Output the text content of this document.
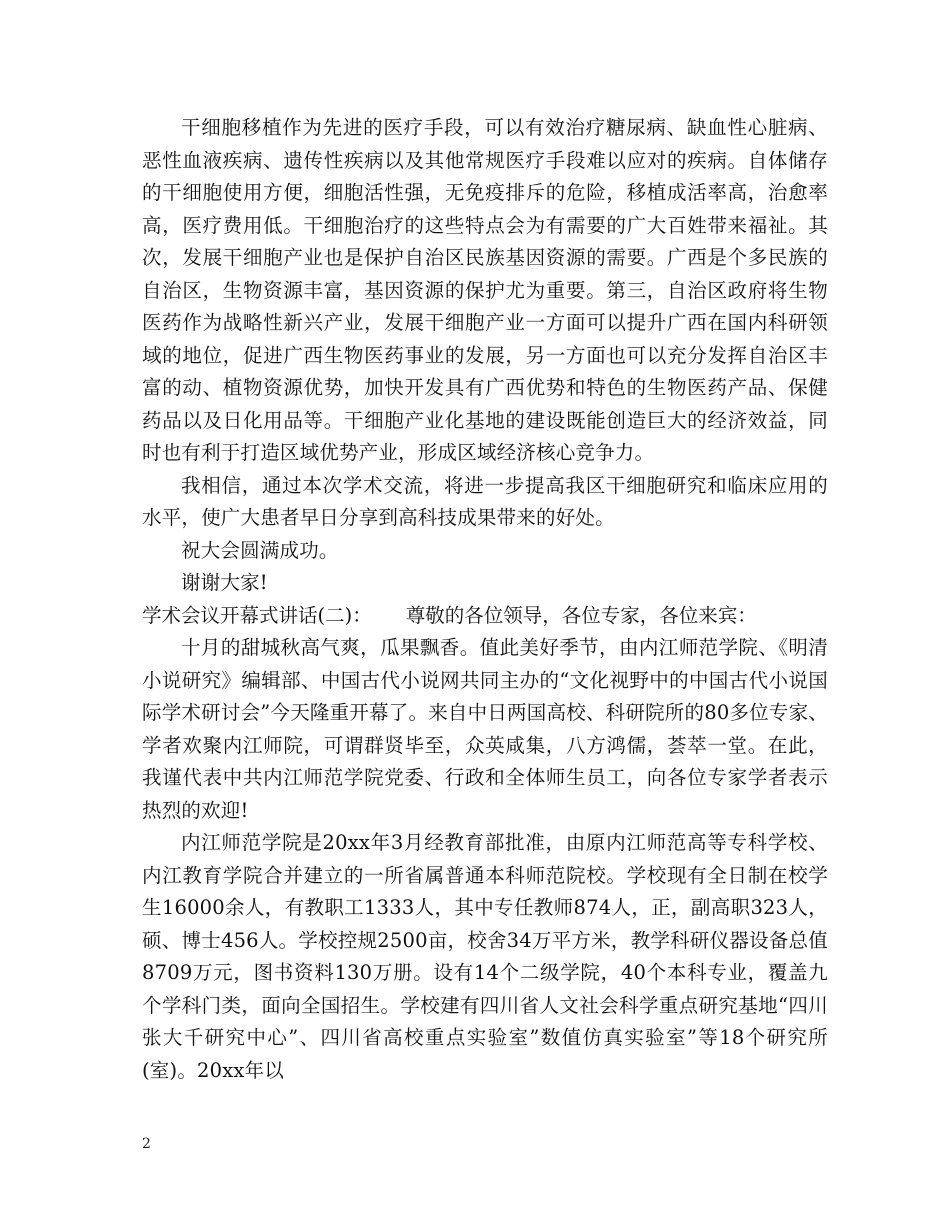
干细胞移植作为先进的医疗手段，可以有效治疗糖尿病、缺血性心脏病、恶性血液疾病、遗传性疾病以及其他常规医疗手段难以应对的疾病。自体储存的干细胞使用方便，细胞活性强，无免疫排斥的危险，移植成活率高，治愈率高，医疗费用低。干细胞治疗的这些特点会为有需要的广大百姓带来福祉。其次，发展干细胞产业也是保护自治区民族基因资源的需要。广西是个多民族的自治区，生物资源丰富，基因资源的保护尤为重要。第三，自治区政府将生物医药作为战略性新兴产业，发展干细胞产业一方面可以提升广西在国内科研领域的地位，促进广西生物医药事业的发展，另一方面也可以充分发挥自治区丰富的动、植物资源优势，加快开发具有广西优势和特色的生物医药产品、保健药品以及日化用品等。干细胞产业化基地的建设既能创造巨大的经济效益，同时也有利于打造区域优势产业，形成区域经济核心竞争力。

我相信，通过本次学术交流，将进一步提高我区干细胞研究和临床应用的水平，使广大患者早日分享到高科技成果带来的好处。

祝大会圆满成功。

谢谢大家!

学术会议开幕式讲话(二)： 尊敬的各位领导，各位专家，各位来宾：

十月的甜城秋高气爽，瓜果飘香。值此美好季节，由内江师范学院、《明清小说研究》编辑部、中国古代小说网共同主办的“文化视野中的中国古代小说国际学术研讨会”今天隆重开幕了。来自中日两国高校、科研院所的80多位专家、学者欢聚内江师院，可谓群贤毕至，众英咸集，八方鸿儒，荟萃一堂。在此，我谨代表中共内江师范学院党委、行政和全体师生员工，向各位专家学者表示热烈的欢迎!

内江师范学院是20xx年3月经教育部批准，由原内江师范高等专科学校、内江教育学院合并建立的一所省属普通本科师范院校。学校现有全日制在校学生16000余人，有教职工1333人，其中专任教师874人，正，副高职323人，硕、博士456人。学校控规2500亩，校舍34万平方米，教学科研仪器设备总值8709万元，图书资料130万册。设有14个二级学院，40个本科专业，覆盖九个学科门类，面向全国招生。学校建有四川省人文社会科学重点研究基地“四川张大千研究中心”、四川省高校重点实验室”数值仿真实验室”等18个研究所(室)。20xx年以

2
